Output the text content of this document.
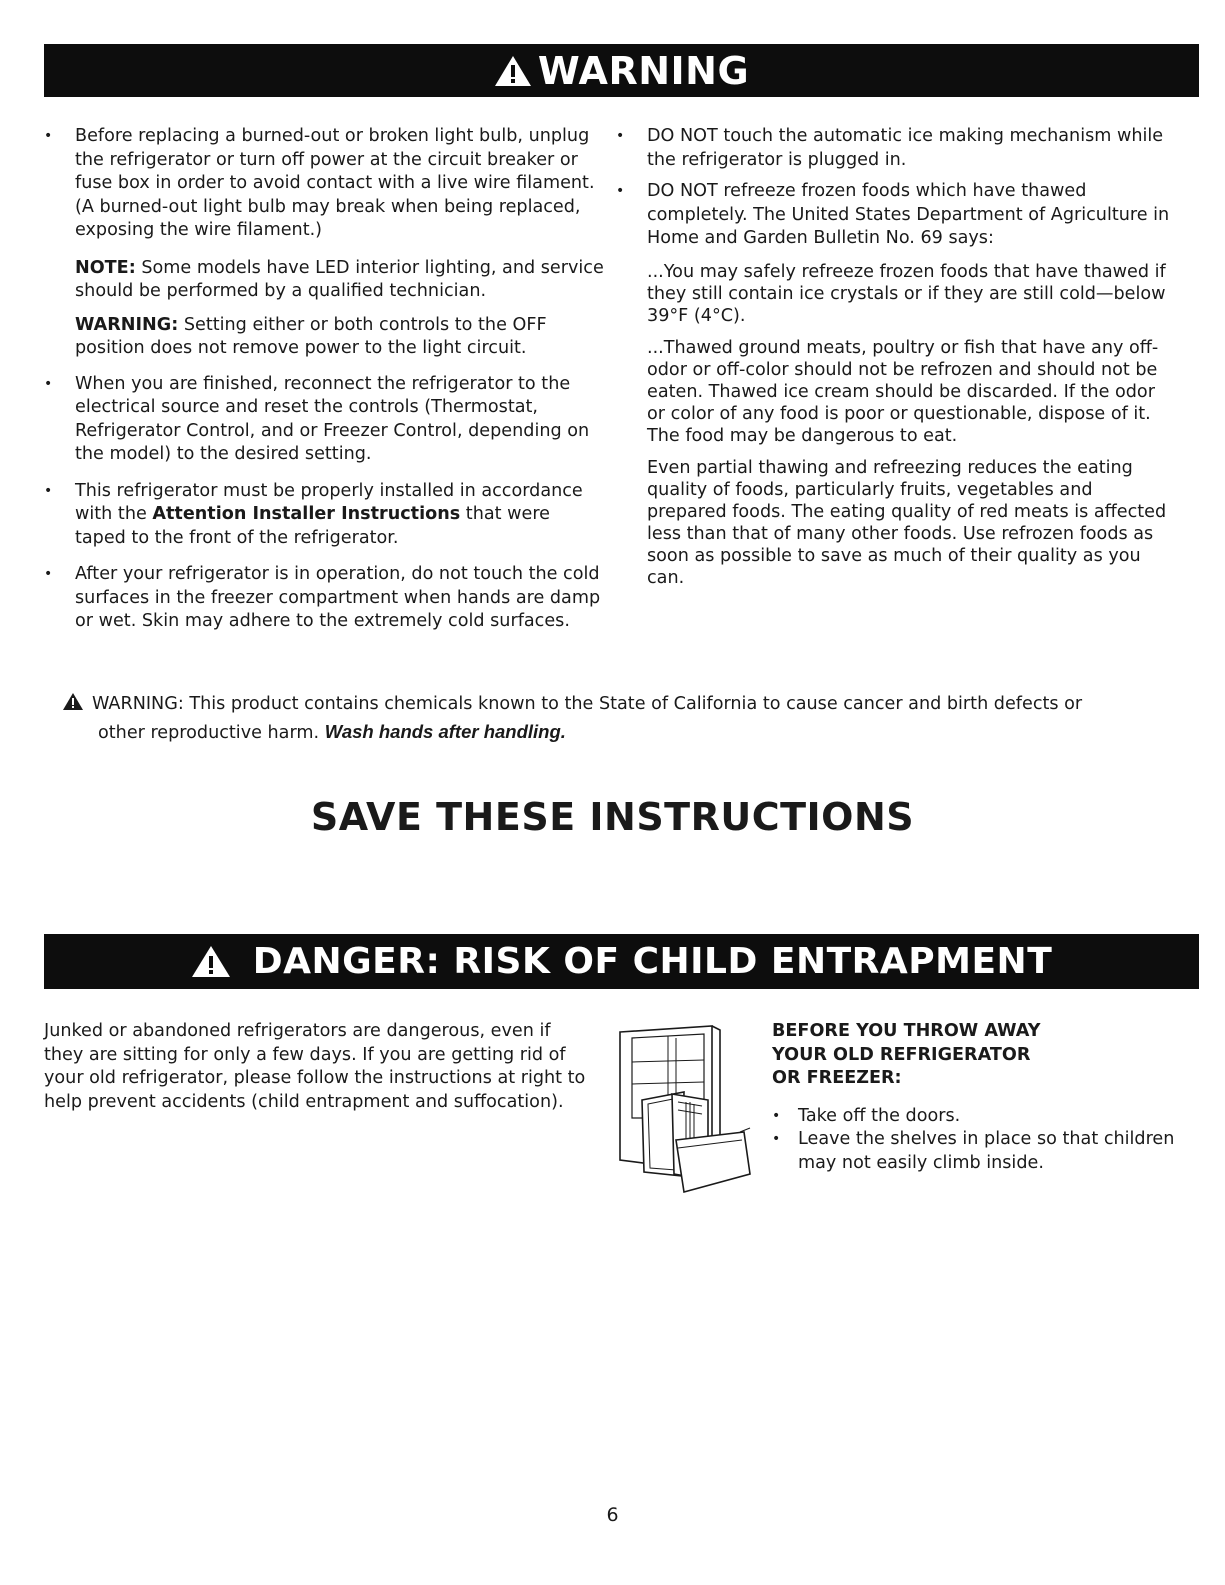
WARNING
• Before replacing a burned-out or broken light bulb, unplug the refrigerator or turn off power at the circuit breaker or fuse box in order to avoid contact with a live wire filament. (A burned-out light bulb may break when being replaced, exposing the wire filament.)
NOTE: Some models have LED interior lighting, and service should be performed by a qualified technician.
WARNING: Setting either or both controls to the OFF position does not remove power to the light circuit.
• When you are finished, reconnect the refrigerator to the electrical source and reset the controls (Thermostat, Refrigerator Control, and or Freezer Control, depending on the model) to the desired setting.
• This refrigerator must be properly installed in accordance with the Attention Installer Instructions that were taped to the front of the refrigerator.
• After your refrigerator is in operation, do not touch the cold surfaces in the freezer compartment when hands are damp or wet. Skin may adhere to the extremely cold surfaces.
• DO NOT touch the automatic ice making mechanism while the refrigerator is plugged in.
• DO NOT refreeze frozen foods which have thawed completely. The United States Department of Agriculture in Home and Garden Bulletin No. 69 says:
...You may safely refreeze frozen foods that have thawed if they still contain ice crystals or if they are still cold—below 39°F (4°C).
...Thawed ground meats, poultry or fish that have any off-odor or off-color should not be refrozen and should not be eaten. Thawed ice cream should be discarded. If the odor or color of any food is poor or questionable, dispose of it. The food may be dangerous to eat.
Even partial thawing and refreezing reduces the eating quality of foods, particularly fruits, vegetables and prepared foods. The eating quality of red meats is affected less than that of many other foods. Use refrozen foods as soon as possible to save as much of their quality as you can.
WARNING: This product contains chemicals known to the State of California to cause cancer and birth defects or
other reproductive harm. Wash hands after handling.
SAVE THESE INSTRUCTIONS
DANGER: RISK OF CHILD ENTRAPMENT
Junked or abandoned refrigerators are dangerous, even if they are sitting for only a few days. If you are getting rid of your old refrigerator, please follow the instructions at right to help prevent accidents (child entrapment and suffocation).
BEFORE YOU THROW AWAY
YOUR OLD REFRIGERATOR
OR FREEZER:
• Take off the doors.
• Leave the shelves in place so that children may not easily climb inside.
6
